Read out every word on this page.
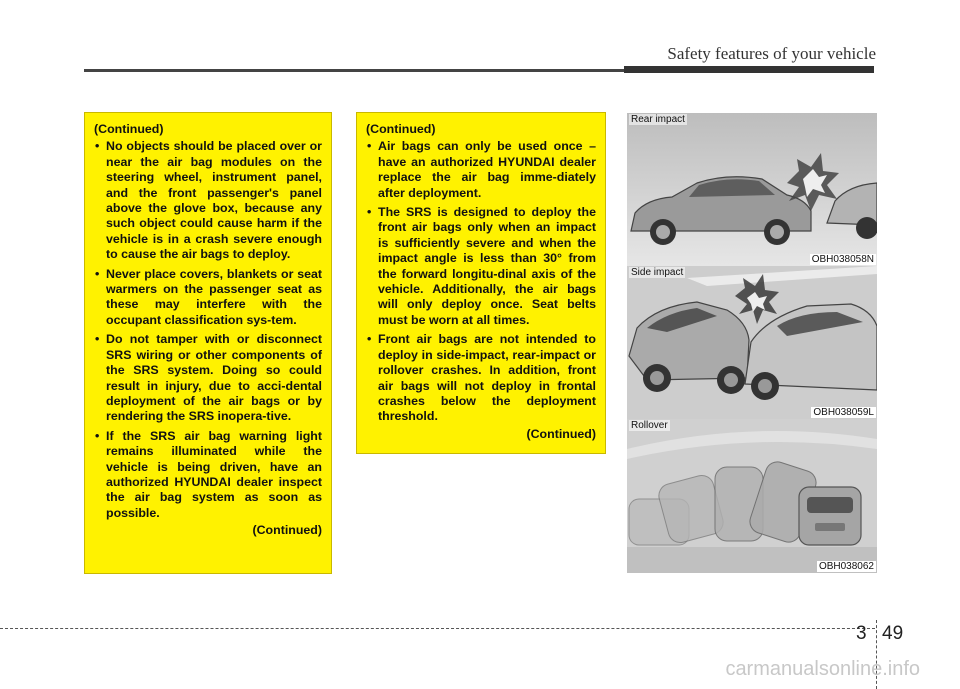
Safety features of your vehicle
(Continued)
• No objects should be placed over or near the air bag modules on the steering wheel, instrument panel, and the front passenger's panel above the glove box, because any such object could cause harm if the vehicle is in a crash severe enough to cause the air bags to deploy.
• Never place covers, blankets or seat warmers on the passenger seat as these may interfere with the occupant classification sys-tem.
• Do not tamper with or disconnect SRS wiring or other components of the SRS system. Doing so could result in injury, due to acci-dental deployment of the air bags or by rendering the SRS inopera-tive.
• If the SRS air bag warning light remains illuminated while the vehicle is being driven, have an authorized HYUNDAI dealer inspect the air bag system as soon as possible.
(Continued)
(Continued)
• Air bags can only be used once – have an authorized HYUNDAI dealer replace the air bag imme-diately after deployment.
• The SRS is designed to deploy the front air bags only when an impact is sufficiently severe and when the impact angle is less than 30° from the forward longitu-dinal axis of the vehicle. Additionally, the air bags will only deploy once. Seat belts must be worn at all times.
• Front air bags are not intended to deploy in side-impact, rear-impact or rollover crashes. In addition, front air bags will not deploy in frontal crashes below the deployment threshold.
(Continued)
Rear impact
OBH038058N
Side impact
OBH038059L
Rollover
OBH038062
3 49
carmanualsonline.info
